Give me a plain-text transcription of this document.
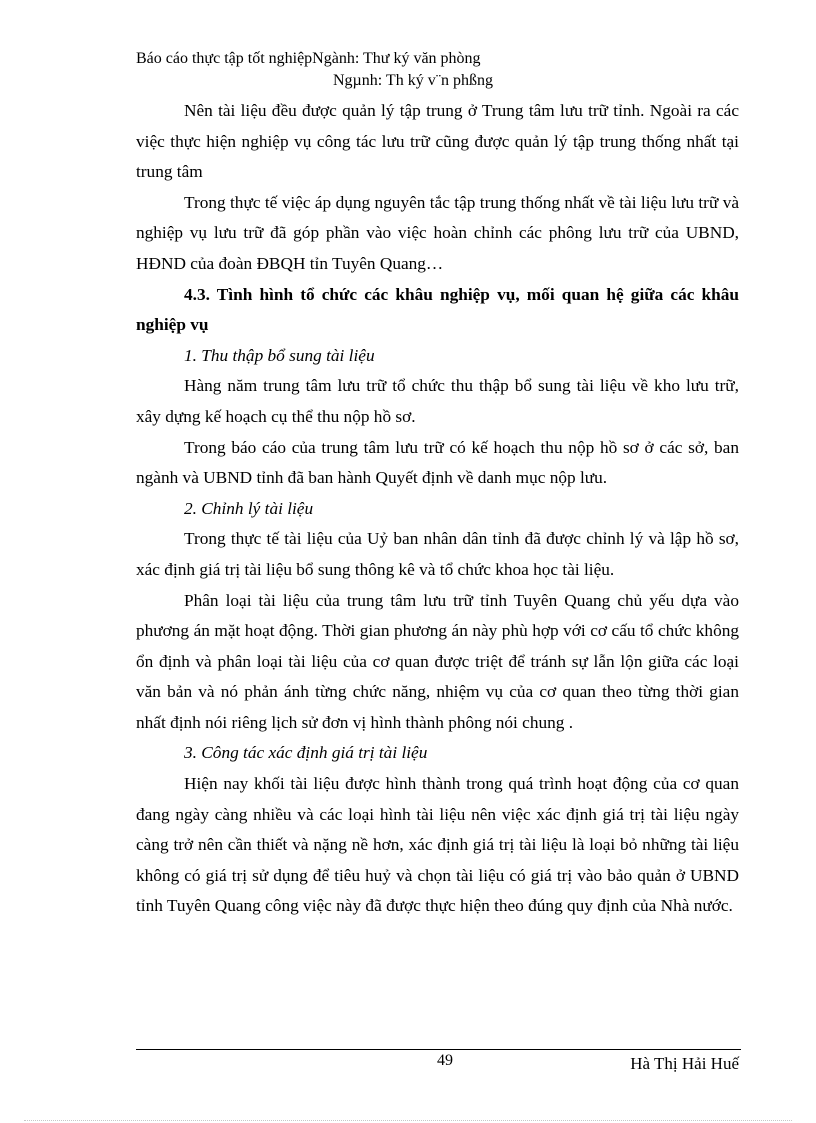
Báo cáo thực tập tốt nghiệpNgành: Thư ký văn phòng
Ngµnh: Th ký v¨n phßng

Nên tài liệu đều được quản lý tập trung ở Trung tâm lưu trữ tỉnh. Ngoài ra các việc thực hiện nghiệp vụ công tác lưu trữ cũng được quản lý tập trung thống nhất tại trung tâm

Trong thực tế việc áp dụng nguyên tắc tập trung thống nhất về tài liệu lưu trữ và nghiệp vụ lưu trữ đã góp phần vào việc hoàn chỉnh các phông lưu trữ của UBND, HĐND của đoàn ĐBQH tỉn Tuyên Quang…

4.3. Tình hình tổ chức các khâu nghiệp vụ, mối quan hệ giữa các khâu nghiệp vụ

1. Thu thập bổ sung tài liệu

Hàng năm trung tâm lưu trữ tổ chức thu thập bổ sung tài liệu về kho lưu trữ, xây dựng kế hoạch cụ thể thu nộp hồ sơ.

Trong báo cáo của trung tâm lưu trữ có kế hoạch thu nộp hồ sơ ở các sở, ban ngành và UBND tỉnh đã ban hành Quyết định về danh mục nộp lưu.

2. Chỉnh lý tài liệu

Trong thực tế tài liệu của Uỷ ban nhân dân tỉnh đã được chỉnh lý và lập hồ sơ, xác định giá trị tài liệu bổ sung thông kê và tổ chức khoa học tài liệu.

Phân loại tài liệu của trung tâm lưu trữ tỉnh Tuyên Quang chủ yếu dựa vào phương án mặt hoạt động. Thời gian phương án này phù hợp với cơ cấu tổ chức không ổn định và phân loại tài liệu của cơ quan được triệt để tránh sự lẫn lộn giữa các loại văn bản và nó phản ánh từng chức năng, nhiệm vụ của cơ quan theo từng thời gian nhất định nói riêng lịch sử đơn vị hình thành phông nói chung .

3. Công tác xác định giá trị tài liệu

Hiện nay khối tài liệu được hình thành trong quá trình hoạt động của cơ quan đang ngày càng nhiều và các loại hình tài liệu nên việc xác định giá trị tài liệu ngày càng trở nên cần thiết và nặng nề hơn, xác định giá trị tài liệu là loại bỏ những tài liệu không có giá trị sử dụng để tiêu huỷ và chọn tài liệu có giá trị vào bảo quản ở UBND tỉnh Tuyên Quang công việc này đã được thực hiện theo đúng quy định của Nhà nước.

49	Hà Thị Hải Huế
